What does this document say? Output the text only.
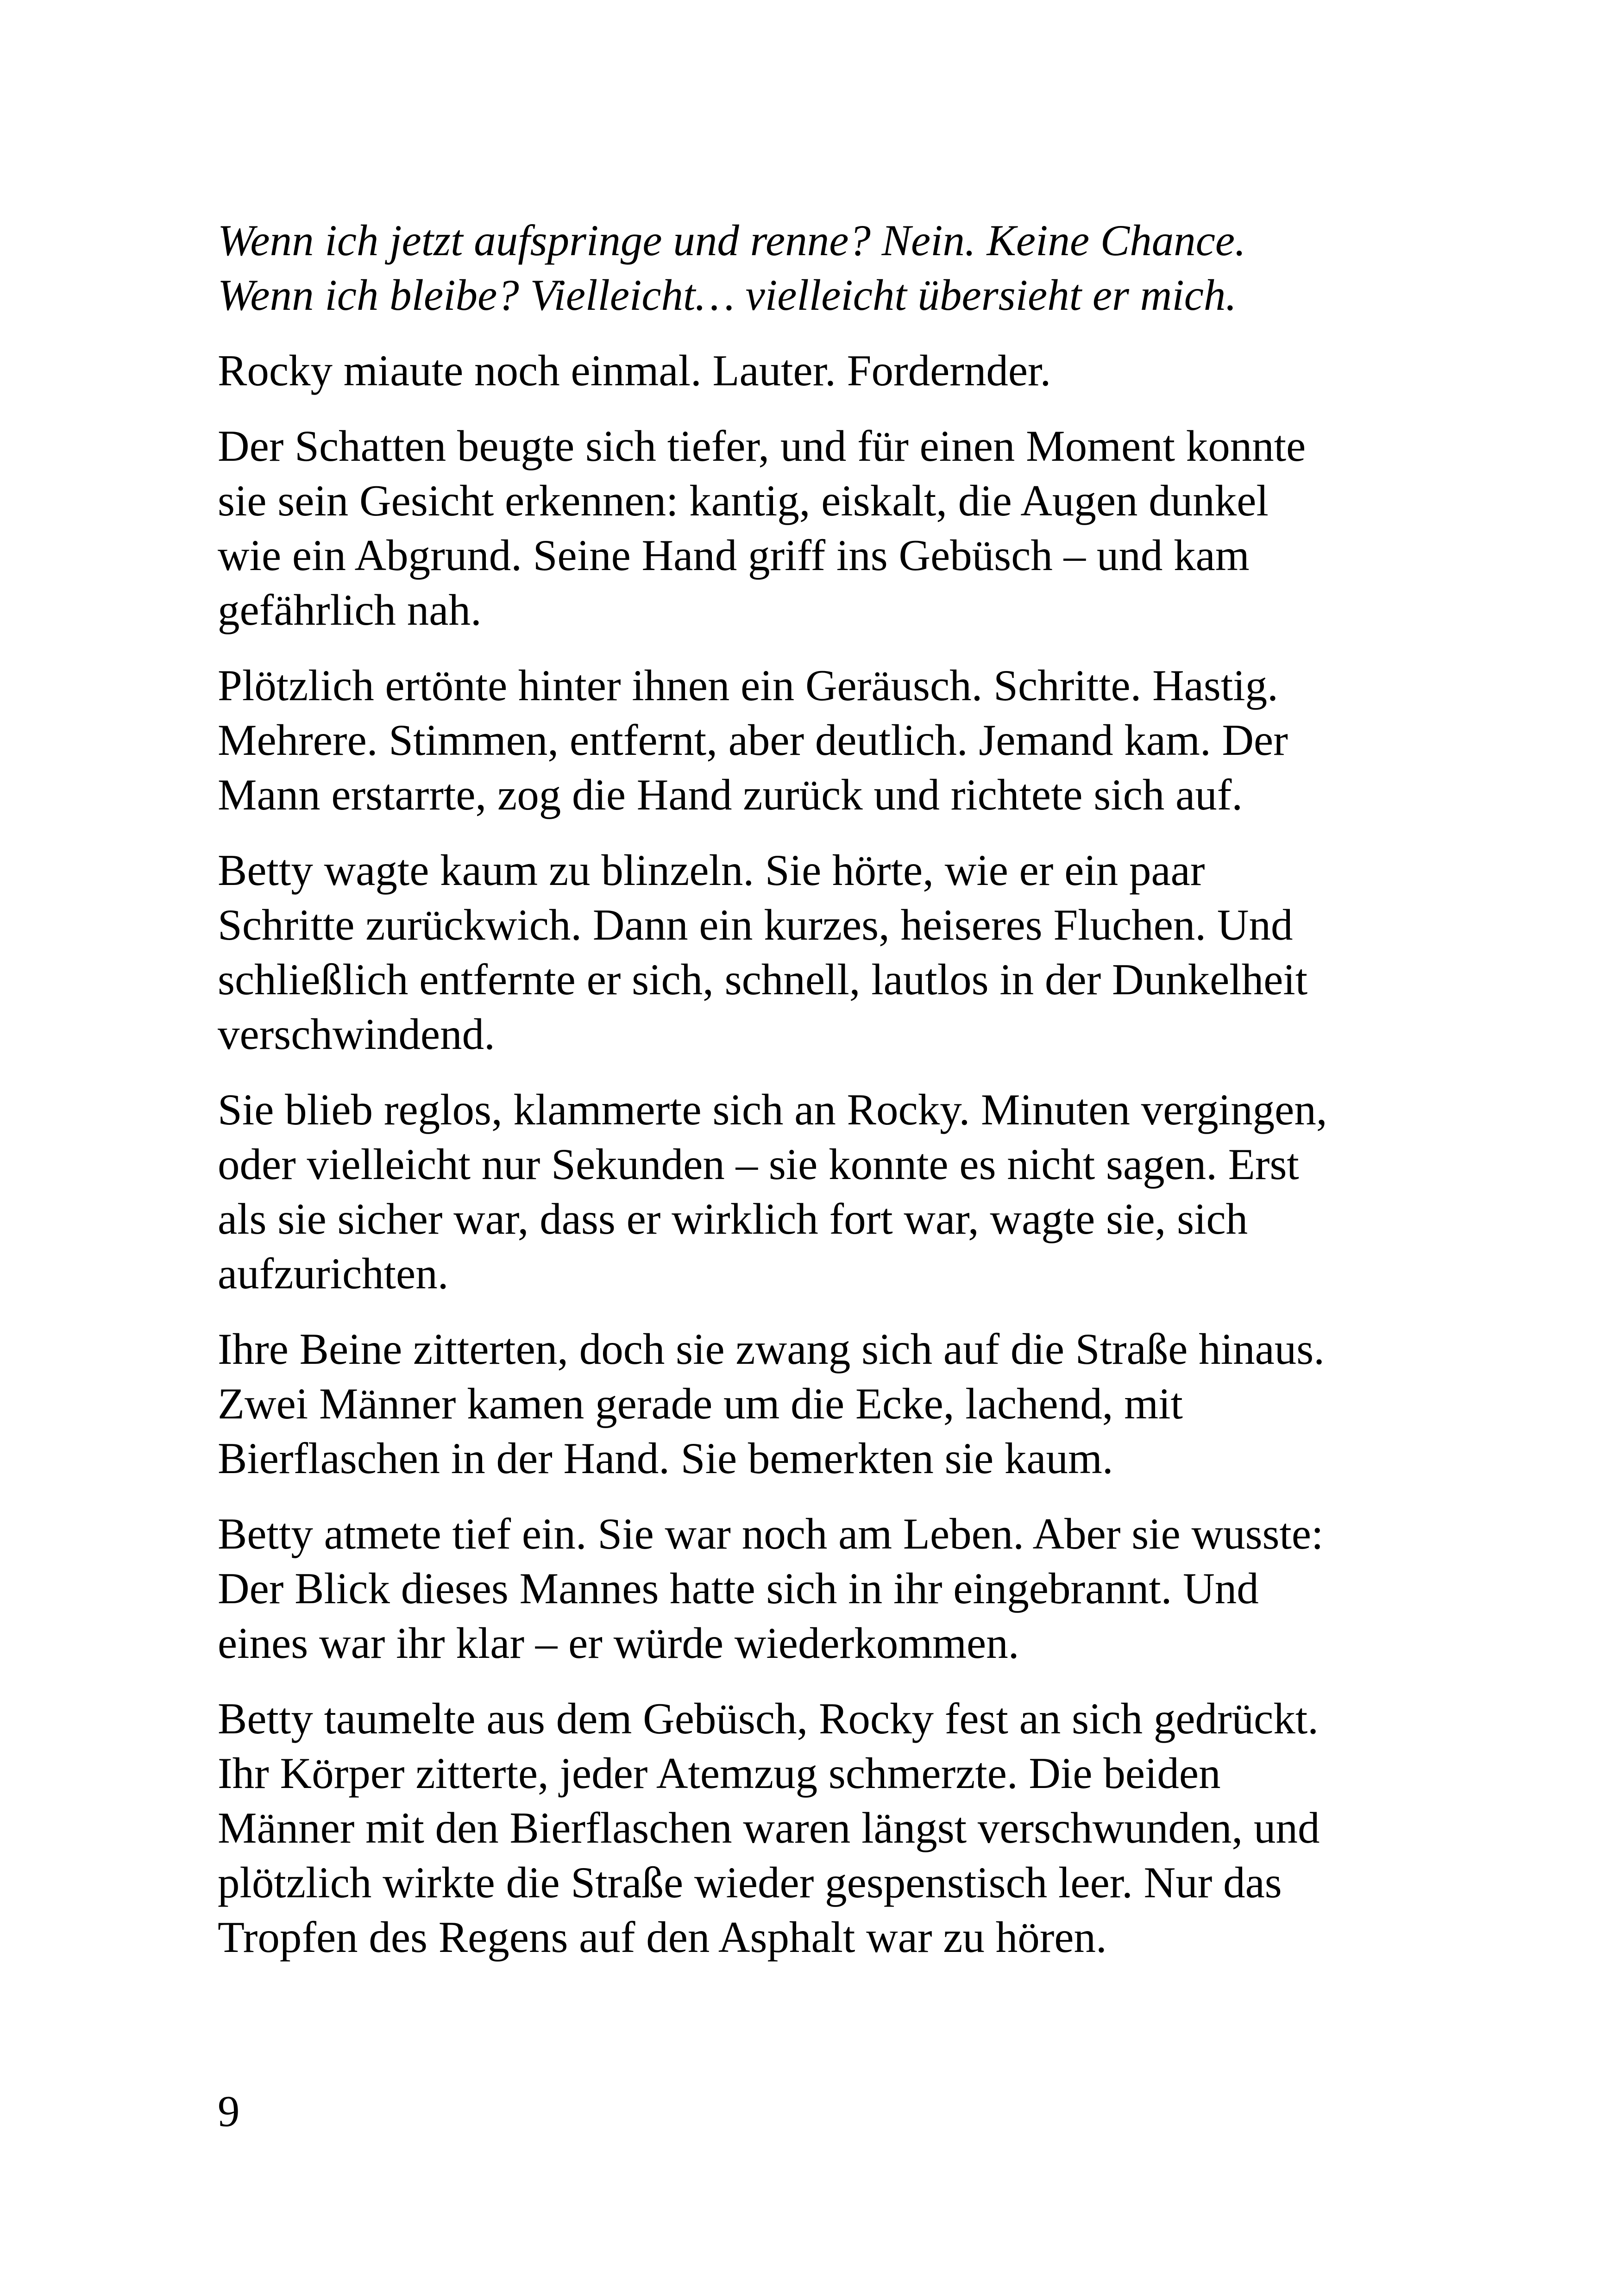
Wenn ich jetzt aufspringe und renne? Nein. Keine Chance.
Wenn ich bleibe? Vielleicht… vielleicht übersieht er mich.

Rocky miaute noch einmal. Lauter. Fordernder.

Der Schatten beugte sich tiefer, und für einen Moment konnte
sie sein Gesicht erkennen: kantig, eiskalt, die Augen dunkel
wie ein Abgrund. Seine Hand griff ins Gebüsch – und kam
gefährlich nah.

Plötzlich ertönte hinter ihnen ein Geräusch. Schritte. Hastig.
Mehrere. Stimmen, entfernt, aber deutlich. Jemand kam. Der
Mann erstarrte, zog die Hand zurück und richtete sich auf.

Betty wagte kaum zu blinzeln. Sie hörte, wie er ein paar
Schritte zurückwich. Dann ein kurzes, heiseres Fluchen. Und
schließlich entfernte er sich, schnell, lautlos in der Dunkelheit
verschwindend.

Sie blieb reglos, klammerte sich an Rocky. Minuten vergingen,
oder vielleicht nur Sekunden – sie konnte es nicht sagen. Erst
als sie sicher war, dass er wirklich fort war, wagte sie, sich
aufzurichten.

Ihre Beine zitterten, doch sie zwang sich auf die Straße hinaus.
Zwei Männer kamen gerade um die Ecke, lachend, mit
Bierflaschen in der Hand. Sie bemerkten sie kaum.

Betty atmete tief ein. Sie war noch am Leben. Aber sie wusste:
Der Blick dieses Mannes hatte sich in ihr eingebrannt. Und
eines war ihr klar – er würde wiederkommen.

Betty taumelte aus dem Gebüsch, Rocky fest an sich gedrückt.
Ihr Körper zitterte, jeder Atemzug schmerzte. Die beiden
Männer mit den Bierflaschen waren längst verschwunden, und
plötzlich wirkte die Straße wieder gespenstisch leer. Nur das
Tropfen des Regens auf den Asphalt war zu hören.

9
